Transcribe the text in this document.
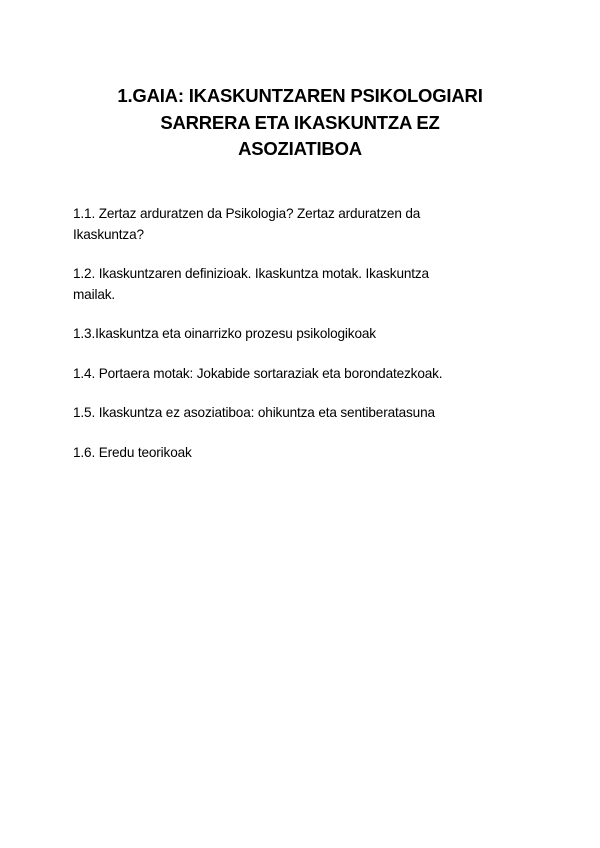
1.GAIA: IKASKUNTZAREN PSIKOLOGIARI
SARRERA ETA IKASKUNTZA EZ
ASOZIATIBOA
1.1. Zertaz arduratzen da Psikologia? Zertaz arduratzen da
Ikaskuntza?
1.2. Ikaskuntzaren definizioak. Ikaskuntza motak. Ikaskuntza
mailak.
1.3.Ikaskuntza eta oinarrizko prozesu psikologikoak
1.4. Portaera motak: Jokabide sortaraziak eta borondatezkoak.
1.5. Ikaskuntza ez asoziatiboa: ohikuntza eta sentiberatasuna
1.6. Eredu teorikoak
